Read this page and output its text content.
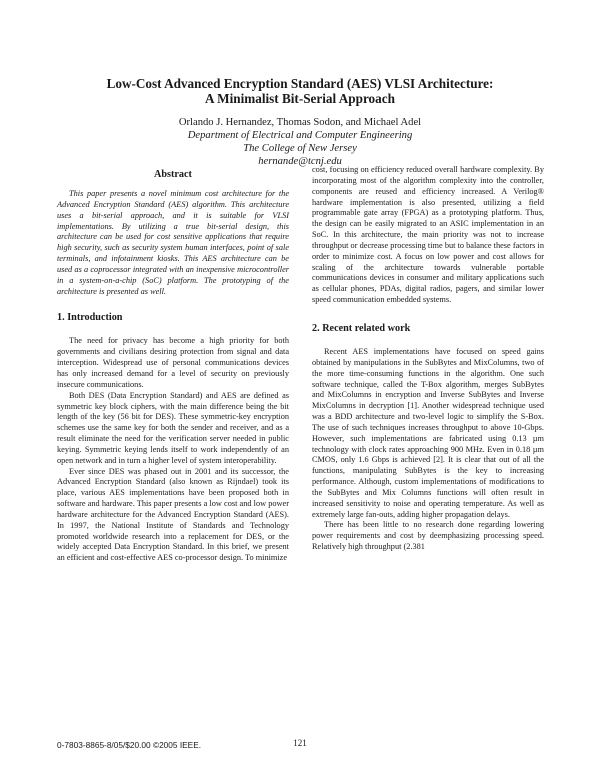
Low-Cost Advanced Encryption Standard (AES) VLSI Architecture:
A Minimalist Bit-Serial Approach
Orlando J. Hernandez, Thomas Sodon, and Michael Adel
Department of Electrical and Computer Engineering
The College of New Jersey
hernande@tcnj.edu
Abstract

This paper presents a novel minimum cost architecture for the Advanced Encryption Standard (AES) algorithm. This architecture uses a bit-serial approach, and it is suitable for VLSI implementations. By utilizing a true bit-serial design, this architecture can be used for cost sensitive applications that require high security, such as security system human interfaces, point of sale terminals, and infotainment kiosks. This AES architecture can be used as a coprocessor integrated with an inexpensive microcontroller in a system-on-a-chip (SoC) platform. The prototyping of the architecture is presented as well.

1. Introduction

The need for privacy has become a high priority for both governments and civilians desiring protection from signal and data interception. Widespread use of personal communications devices has only increased demand for a level of security on previously insecure communications.

Both DES (Data Encryption Standard) and AES are defined as symmetric key block ciphers, with the main difference being the bit length of the key (56 bit for DES). These symmetric-key encryption schemes use the same key for both the sender and receiver, and as a result eliminate the need for the verification server needed in public keying. Symmetric keying lends itself to work independently of an open network and in turn a higher level of system interoperability.

Ever since DES was phased out in 2001 and its successor, the Advanced Encryption Standard (also known as Rijndael) took its place, various AES implementations have been proposed both in software and hardware. This paper presents a low cost and low power hardware architecture for the Advanced Encryption Standard (AES). In 1997, the National Institute of Standards and Technology promoted worldwide research into a replacement for DES, or the widely accepted Data Encryption Standard. In this brief, we present an efficient and cost-effective AES co-processor design. To minimize

cost, focusing on efficiency reduced overall hardware complexity. By incorporating most of the algorithm complexity into the controller, components are reused and efficiency increased. A Verilog® hardware implementation is also presented, utilizing a field programmable gate array (FPGA) as a prototyping platform. Thus, the design can be easily migrated to an ASIC implementation in an SoC. In this architecture, the main priority was not to increase throughput or decrease processing time but to balance these factors in order to minimize cost. A focus on low power and cost allows for scaling of the architecture towards vulnerable portable communications devices in consumer and military applications such as cellular phones, PDAs, digital radios, pagers, and similar lower speed communication embedded systems.

2. Recent related work

Recent AES implementations have focused on speed gains obtained by manipulations in the SubBytes and MixColumns, two of the more time-consuming functions in the algorithm. One such software technique, called the T-Box algorithm, merges SubBytes and MixColumns in encryption and Inverse SubBytes and Inverse MixColumns in decryption [1]. Another widespread technique used was a BDD architecture and two-level logic to simplify the S-Box. The use of such techniques increases throughput to above 10-Gbps. However, such implementations are fabricated using 0.13 µm technology with clock rates approaching 900 MHz. Even in 0.18 µm CMOS, only 1.6 Gbps is achieved [2]. It is clear that out of all the functions, manipulating SubBytes is the key to increasing performance. Although, custom implementations of modifications to the SubBytes and Mix Columns functions will often result in increased sensitivity to noise and operating temperature. As well as extremely large fan-outs, adding higher propagation delays.

There has been little to no research done regarding lowering power requirements and cost by deemphasizing processing speed. Relatively high throughput (2.381

0-7803-8865-8/05/$20.00 ©2005 IEEE.	121
